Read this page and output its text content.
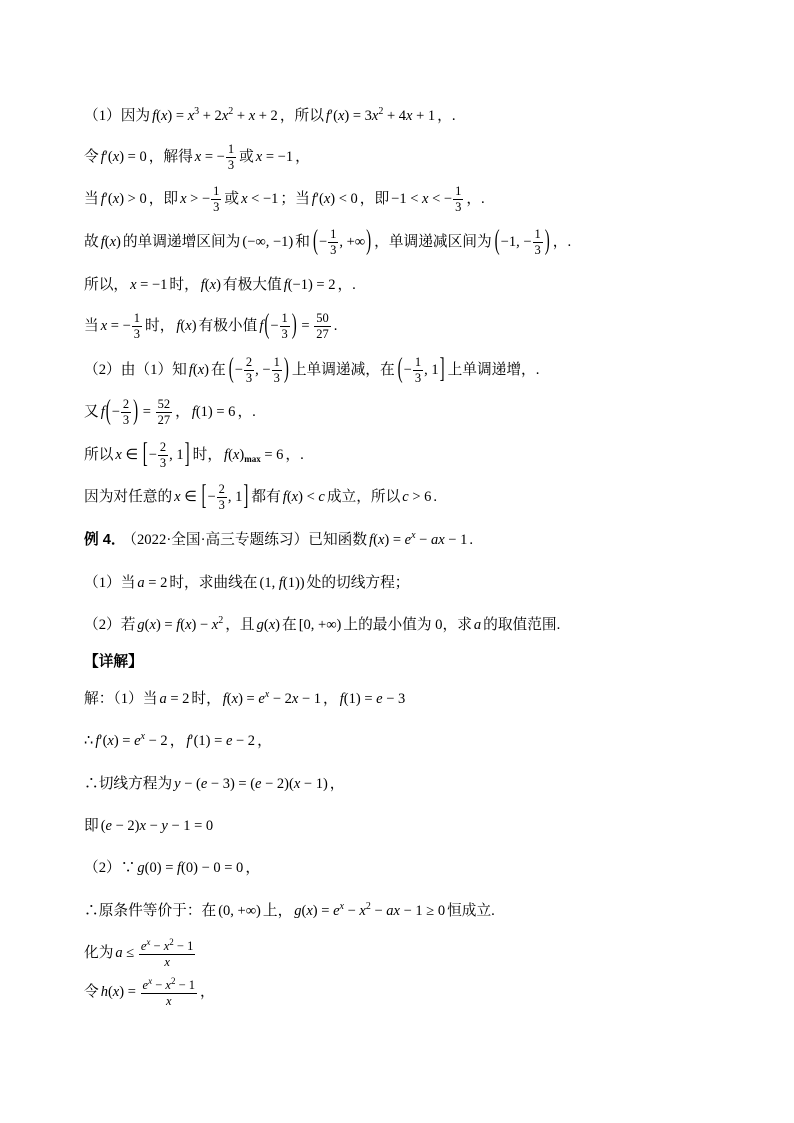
（1）因为 $f(x) = x^3 + 2x^2 + x + 2$ ，所以 $f'(x) = 3x^2 + 4x + 1$ ，.
令 f′(x) = 0 ，解得 x = − $\frac{1}{3}$ 或 x = −1 ，
当 f′(x) > 0 ，即 x > − $\frac{1}{3}$ 或 x < −1 ；当 f′(x) < 0 ，即 −1 < x < − $\frac{1}{3}$ ，.
故 f(x) 的单调递增区间为 (−∞, −1) 和 (− $\frac{1}{3}$ , +∞) ，单调递减区间为 (−1, − $\frac{1}{3}$ ) ，.
所以， x = −1 时， f(x) 有极大值 f(−1) = 2 ，.
当 x = − $\frac{1}{3}$ 时， f(x) 有极小值 $f(- \frac{1}{3}$ ) = $\frac{50}{27}$ .
（2）由（1）知 f(x) 在 (− $\frac{2}{3}$ , − $\frac{1}{3}$ ) 上单调递减，在 (− $\frac{1}{3}$ , 1] 上单调递增，.
又 $f(- \frac{2}{3}$ ) = $\frac{52}{27}$ ， f(1) = 6 ，.
所以 x ∈ [− $\frac{2}{3}$ , 1] 时， $f(x)_{max} = 6$ ，.
因为对任意的 x ∈ [− $\frac{2}{3}$ , 1] 都有 f(x) < c 成立，所以 c > 6 .
例 4． （2022·全国·高三专题练习）已知函数 $f(x) = e^x$ − ax − 1 .
（1）当 a = 2 时，求曲线在 (1, f(1)) 处的切线方程；
（2）若 $g(x) = f(x) - x^2$ ，且 g(x) 在 [0, +∞) 上的最小值为 0，求 a 的取值范围.
【详解】
解：（1）当 a = 2 时， $f(x) = e^x - 2x - 1$ ， f(1) = e − 3
∴ $f'(x) = e^x - 2$ ， f′(1) = e − 2 ，
∴切线方程为 y − (e − 3) = (e − 2)(x − 1) ，
即 (e − 2)x − y − 1 = 0
（2）∵ g(0) = f(0) − 0 = 0 ，
∴原条件等价于：在 (0, +∞) 上， $g(x) = e^x - x^2$ − ax − 1 ≥ 0 恒成立.
化为 $a \le \frac{e^x - x^2 - 1}{x}$
令 $h(x) = \frac{e^x - x^2 - 1}{x}$ ，
